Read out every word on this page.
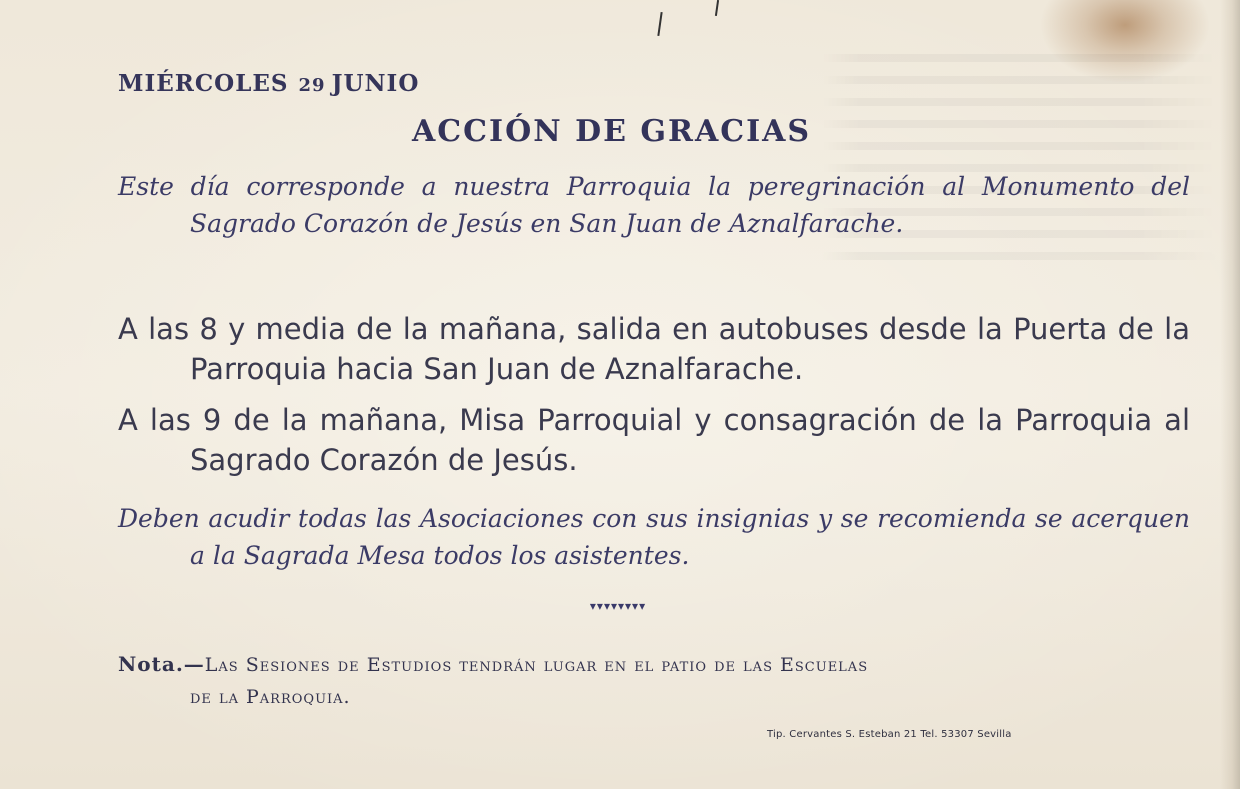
MIÉRCOLES 29 JUNIO
ACCIÓN DE GRACIAS
Este día corresponde a nuestra Parroquia la peregrinación al Monumento del Sagrado Corazón de Jesús en San Juan de Aznalfarache.
A las 8 y media de la mañana, salida en autobuses desde la Puerta de la Parroquia hacia San Juan de Aznalfarache.
A las 9 de la mañana, Misa Parroquial y consagración de la Parroquia al Sagrado Corazón de Jesús.
Deben acudir todas las Asociaciones con sus insignias y se recomienda se acerquen a la Sagrada Mesa todos los asistentes.
▾▾▾▾▾▾▾▾
Nota.—Las Sesiones de Estudios tendrán lugar en el patio de las Escuelas
de la Parroquia.
Tip. Cervantes S. Esteban 21 Tel. 53307 Sevilla
